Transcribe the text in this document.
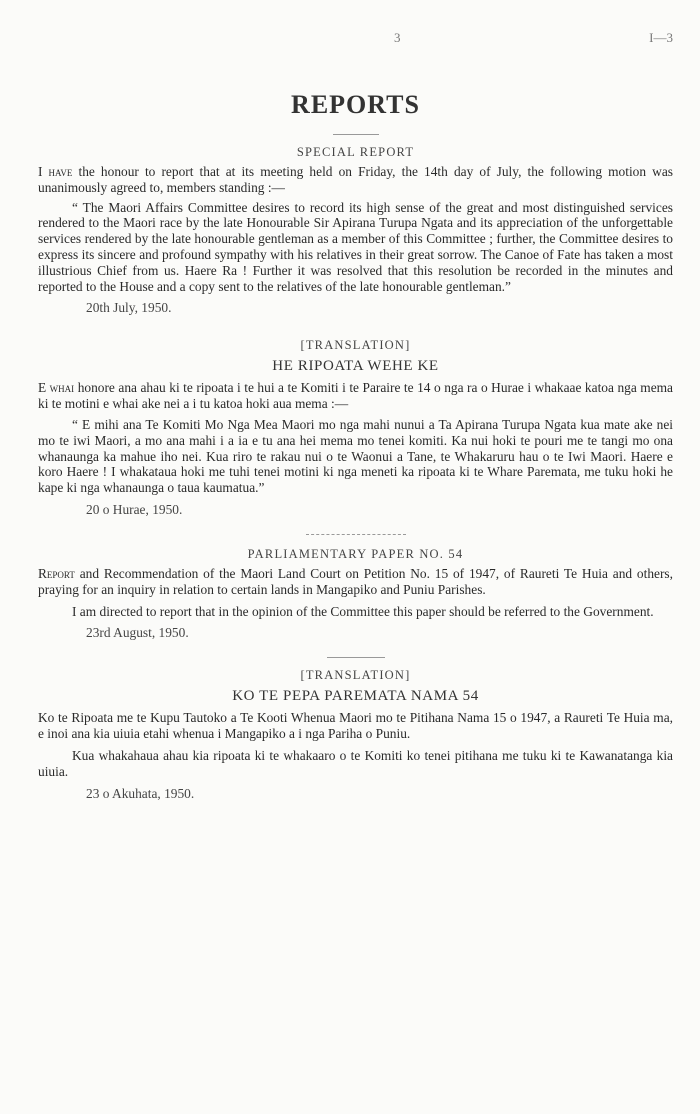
3	I—3
REPORTS
SPECIAL REPORT

I have the honour to report that at its meeting held on Friday, the 14th day of July, the following motion was unanimously agreed to, members standing :—

“ The Maori Affairs Committee desires to record its high sense of the great and most distinguished services rendered to the Maori race by the late Honourable Sir Apirana Turupa Ngata and its appreciation of the unforgettable services rendered by the late honourable gentleman as a member of this Committee ; further, the Committee desires to express its sincere and profound sympathy with his relatives in their great sorrow. The Canoe of Fate has taken a most illustrious Chief from us. Haere Ra ! Further it was resolved that this resolution be recorded in the minutes and reported to the House and a copy sent to the relatives of the late honourable gentleman.”

20th July, 1950.
[TRANSLATION]
HE RIPOATA WEHE KE

E whai honore ana ahau ki te ripoata i te hui a te Komiti i te Paraire te 14 o nga ra o Hurae i whakaae katoa nga mema ki te motini e whai ake nei a i tu katoa hoki aua mema :—

“ E mihi ana Te Komiti Mo Nga Mea Maori mo nga mahi nunui a Ta Apirana Turupa Ngata kua mate ake nei mo te iwi Maori, a mo ana mahi i a ia e tu ana hei mema mo tenei komiti. Ka nui hoki te pouri me te tangi mo ona whanaunga ka mahue iho nei. Kua riro te rakau nui o te Waonui a Tane, te Whakaruru hau o te Iwi Maori. Haere e koro Haere ! I whakataua hoki me tuhi tenei motini ki nga meneti ka ripoata ki te Whare Paremata, me tuku hoki he kape ki nga whanaunga o taua kaumatua.”

20 o Hurae, 1950.
PARLIAMENTARY PAPER NO. 54

Report and Recommendation of the Maori Land Court on Petition No. 15 of 1947, of Raureti Te Huia and others, praying for an inquiry in relation to certain lands in Mangapiko and Puniu Parishes.

I am directed to report that in the opinion of the Committee this paper should be referred to the Government.

23rd August, 1950.
[TRANSLATION]
KO TE PEPA PAREMATA NAMA 54

Ko te Ripoata me te Kupu Tautoko a Te Kooti Whenua Maori mo te Pitihana Nama 15 o 1947, a Raureti Te Huia ma, e inoi ana kia uiuia etahi whenua i Mangapiko a i nga Pariha o Puniu.

Kua whakahaua ahau kia ripoata ki te whakaaro o te Komiti ko tenei pitihana me tuku ki te Kawanatanga kia uiuia.

23 o Akuhata, 1950.
